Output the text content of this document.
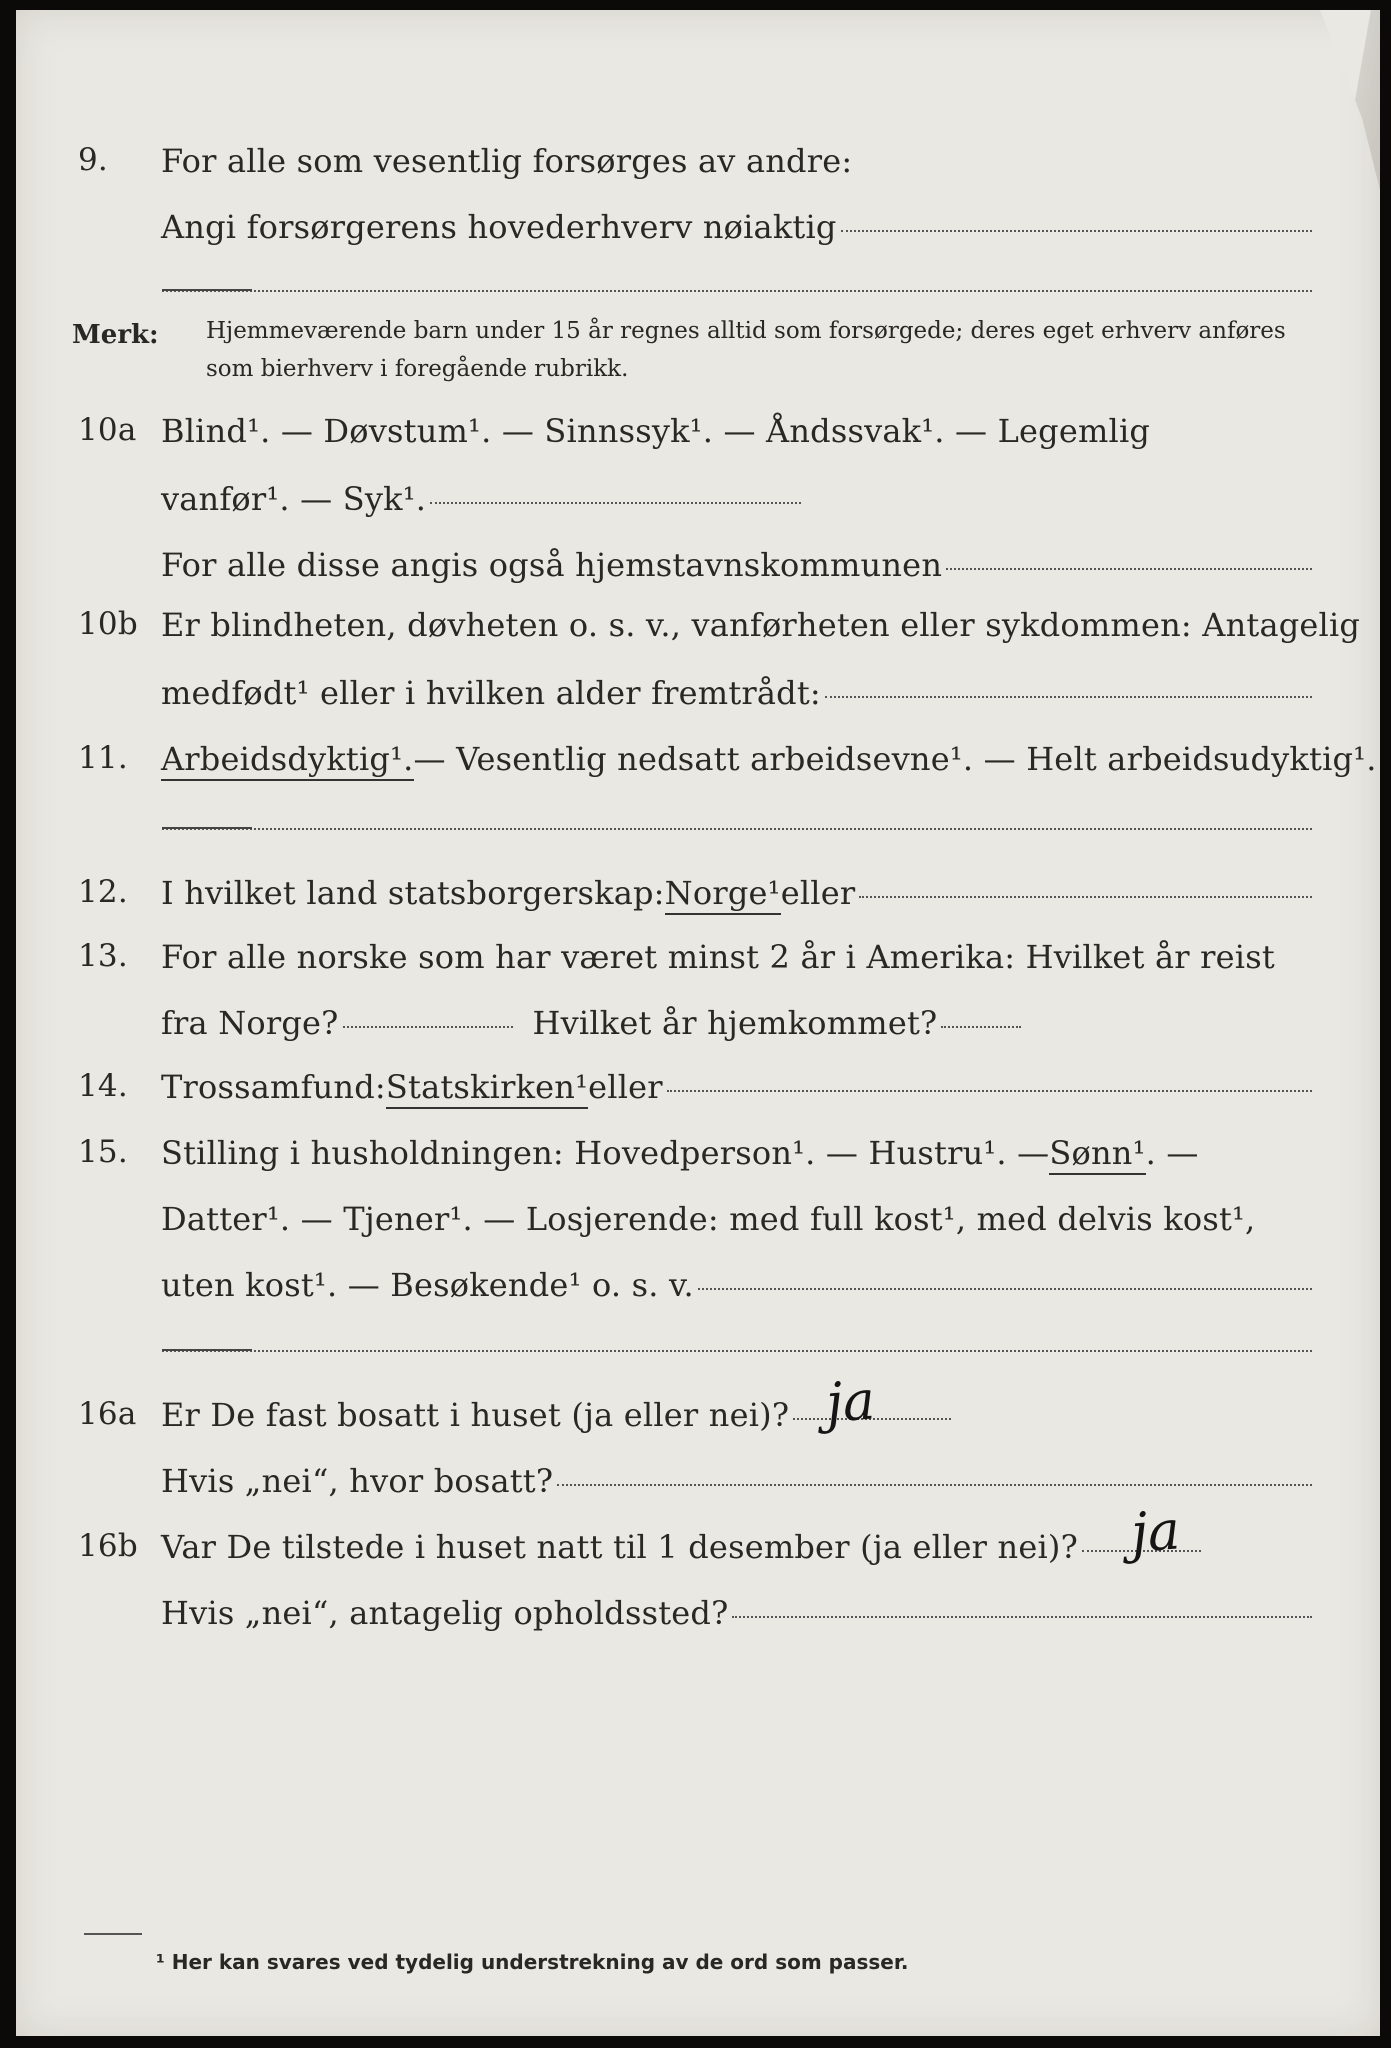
9.	For alle som vesentlig forsørges av andre:
Angi forsørgerens hovederhverv nøiaktig
Merk: Hjemmeværende barn under 15 år regnes alltid som forsørgede; deres eget erhverv anføres som bierhverv i foregående rubrikk.
10a Blind¹. — Døvstum¹. — Sinnssyk¹. — Åndssvak¹. — Legemlig
vanfør¹. — Syk¹.
For alle disse angis også hjemstavnskommunen
10b Er blindheten, døvheten o. s. v., vanførheten eller sykdommen: Antagelig
medfødt¹ eller i hvilken alder fremtrådt:
11.	Arbeidsdyktig¹. — Vesentlig nedsatt arbeidsevne¹. — Helt arbeidsudyktig¹.
12.	I hvilket land statsborgerskap: Norge¹ eller
13.	For alle norske som har været minst 2 år i Amerika: Hvilket år reist
fra Norge?	Hvilket år hjemkommet?
14.	Trossamfund: Statskirken¹ eller
15.	Stilling i husholdningen: Hovedperson¹. — Hustru¹. — Sønn¹ . —
Datter¹. — Tjener¹. — Losjerende: med full kost¹, med delvis kost¹,
uten kost¹. — Besøkende¹ o. s. v.
16a Er De fast bosatt i huset (ja eller nei)? ja
Hvis „nei“, hvor bosatt?
16b Var De tilstede i huset natt til 1 desember (ja eller nei)? ja
Hvis „nei“, antagelig opholdssted?
¹ Her kan svares ved tydelig understrekning av de ord som passer.
